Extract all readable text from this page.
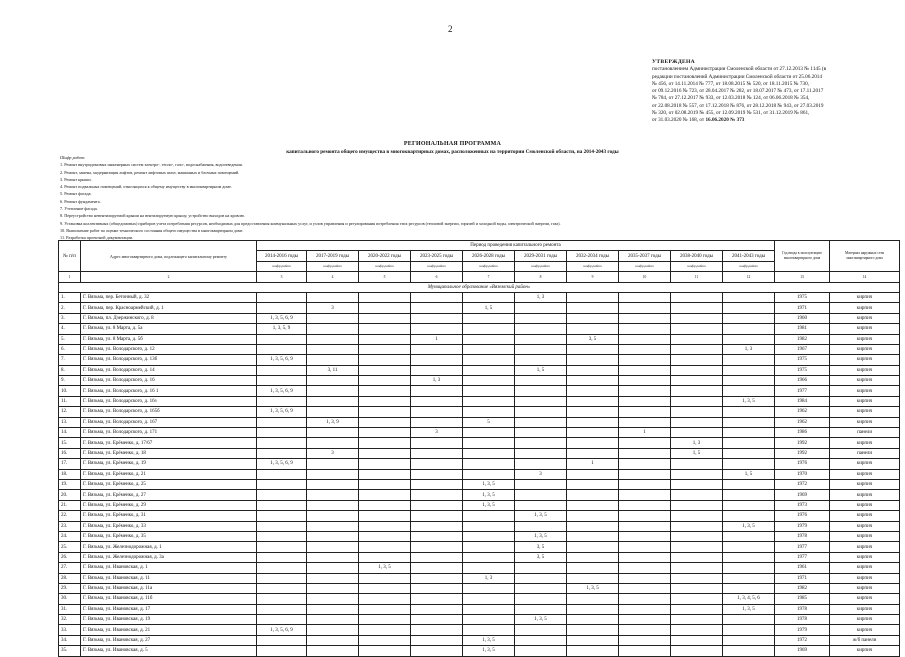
2
УТВЕРЖДЕНА
постановлением Администрации Смоленской области от 27.12.2013 № 1145 (в
редакции постановлений Администрации Смоленской области от 25.06.2014
№ 456, от 14.11.2014 № 777, от 18.08.2015 № 520, от 18.11.2015 № 730,
от 09.12.2016 № 723, от 28.04.2017 № 282, от 18.07.2017 № 473, от 17.11.2017
№ 784, от 27.12.2017 № 933, от 12.03.2018 № 124, от 06.06.2018 № 354,
от 22.08.2018 № 557, от 17.12.2018 № 876, от 28.12.2018 № 943, от 27.03.2019
№ 320, от 02.08.2019 № 455, от 12.09.2019 № 531, от 31.12.2019 № 861,
от 31.03.2020 № 168, от 16.06.2020 № 373
РЕГИОНАЛЬНАЯ ПРОГРАММА
капитального ремонта общего имущества в многоквартирных домах, расположенных на территории Смоленской области, на 2014-2043 годы
Шифр работ:
1. Ремонт внутридомовых инженерных систем электро-, тепло-, газо-, водоснабжения, водоотведения.
2. Ремонт, замена, модернизация лифтов, ремонт лифтовых шахт, машинных и блочных помещений.
3. Ремонт крыши.
4. Ремонт подвальных помещений, относящихся к общему имуществу в многоквартирном доме.
5. Ремонт фасада.
6. Ремонт фундамента.
7. Утепление фасада.
8. Переустройство невентилируемой крыши на вентилируемую крышу, устройство выходов на кровлю.
9. Установка коллективных (общедомовых) приборов учета потребления ресурсов, необходимых для предоставления коммунальных услуг, и узлов управления и регулирования потребления этих ресурсов (тепловой энергии, горячей и холодной воды, электрической энергии, газа).
10. Выполнение работ по оценке технического состояния общего имущества в многоквартирном доме.
11. Разработка проектной документации.
№ п/п	Адрес многоквартирного дома, подлежащего капитальному ремонту	Период проведения капитального ремонта										Год ввода в эксплуатацию многоквартирного дома	Материал наружных стен многоквартирного дома
		2014-2016 годы	2017-2019 годы	2020-2022 годы	2023-2025 годы	2026-2028 годы	2029-2031 годы	2032-2034 годы	2035-2037 годы	2038-2040 годы	2041-2043 годы		
		шифр работ	шифр работ	шифр работ	шифр работ	шифр работ	шифр работ	шифр работ	шифр работ	шифр работ	шифр работ		
1	2	3	4	5	6	7	8	9	10	11	12	13	14
Муниципальное образование «Вяземский район»													
1.	Г. Вязьма, пер. Бетонный, д. 32						1, 3					1975	кирпич
2.	Г. Вязьма, пер. Красноармейский, д. 1		3			1, 5						1971	кирпич
3.	Г. Вязьма, пл. Дзержинского, д. 8	1, 3, 5, 6, 9										1960	кирпич
4.	Г. Вязьма, ул. 8 Марта, д. 5а	1, 3, 5, 9										1981	кирпич
5.	Г. Вязьма, ул. 8 Марта, д. 5б				1			3, 5				1982	кирпич
6.	Г. Вязьма, ул. Володарского, д. 12										1, 3	1967	кирпич
7.	Г. Вязьма, ул. Володарского, д. 13б	1, 3, 5, 6, 9										1975	кирпич
8.	Г. Вязьма, ул. Володарского, д. 14		3, 11				1, 5					1975	кирпич
9.	Г. Вязьма, ул. Володарского, д. 16				1, 3							1966	кирпич
10.	Г. Вязьма, ул. Володарского, д. 16 1	1, 3, 5, 6, 9										1977	кирпич
11.	Г. Вязьма, ул. Володарского, д. 16з										1, 3, 5	1984	кирпич
12.	Г. Вязьма, ул. Володарского, д. 165б	1, 3, 5, 6, 9										1962	кирпич
13.	Г. Вязьма, ул. Володарского, д. 167		1, 3, 9			5						1962	кирпич
14.	Г. Вязьма, ул. Володарского, д. 171				3				1			1986	панели
15.	Г. Вязьма, ул. Ерёменко, д. 17/67									1, 3		1992	кирпич
16.	Г. Вязьма, ул. Ерёменко, д. 18		3							1, 5		1992	панели
17.	Г. Вязьма, ул. Ерёменко, д. 19	1, 3, 5, 6, 9						1				1976	кирпич
18.	Г. Вязьма, ул. Ерёменко, д. 21						3				1, 5	1970	кирпич
19.	Г. Вязьма, ул. Ерёменко, д. 25					1, 3, 5						1972	кирпич
20.	Г. Вязьма, ул. Ерёменко, д. 27					1, 3, 5						1969	кирпич
21.	Г. Вязьма, ул. Ерёменко, д. 29					1, 3, 5						1973	кирпич
22.	Г. Вязьма, ул. Ерёменко, д. 31						1, 3, 5					1976	кирпич
23.	Г. Вязьма, ул. Ерёменко, д. 33										1, 3, 5	1979	кирпич
24.	Г. Вязьма, ул. Ерёменко, д. 35						1, 3, 5					1978	кирпич
25.	Г. Вязьма, ул. Железнодорожная, д. 1						3, 5					1977	кирпич
26.	Г. Вязьма, ул. Железнодорожная, д. 3а						3, 5					1977	кирпич
27.	Г. Вязьма, ул. Ивановская, д. 1			1, 3, 5								1961	кирпич
28.	Г. Вязьма, ул. Ивановская, д. 11					1, 3						1971	кирпич
29.	Г. Вязьма, ул. Ивановская, д. 11а							1, 3, 5				1982	кирпич
30.	Г. Вязьма, ул. Ивановская, д. 11б										1, 3, 4, 5, 6	1985	кирпич
31.	Г. Вязьма, ул. Ивановская, д. 17										1, 3, 5	1978	кирпич
32.	Г. Вязьма, ул. Ивановская, д. 19						1, 3, 5					1978	кирпич
33.	Г. Вязьма, ул. Ивановская, д. 21	1, 3, 5, 6, 9										1979	кирпич
34.	Г. Вязьма, ул. Ивановская, д. 27					1, 3, 5						1972	ж/б панели
35.	Г. Вязьма, ул. Ивановская, д. 5					1, 3, 5						1969	кирпич
